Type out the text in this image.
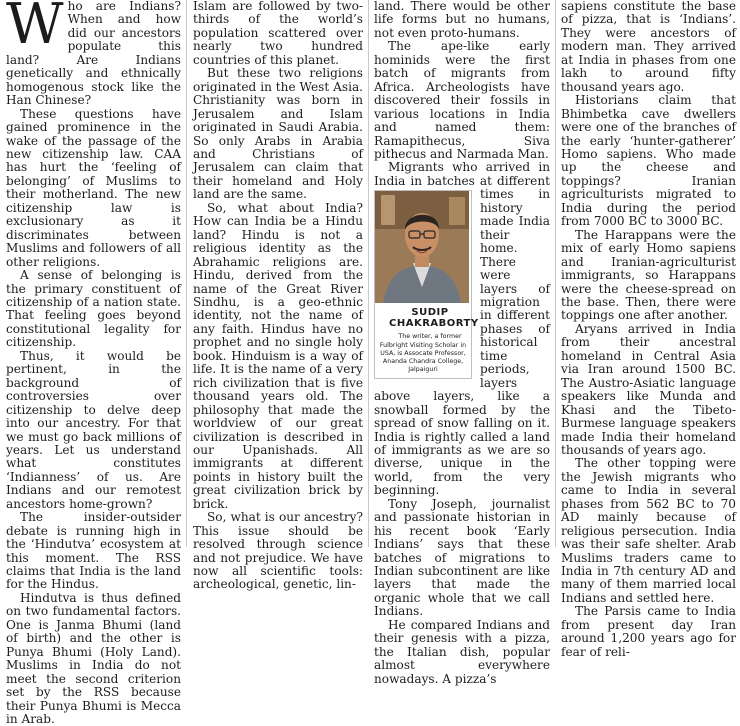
Who are Indians? When and how did our ancestors populate this land? Are Indians genetically and ethnically homogenous stock like the Han Chinese?

These questions have gained prominence in the wake of the passage of the new citizenship law. CAA has hurt the ‘feeling of belonging’ of Muslims to their motherland. The new citizenship law is exclusionary as it discriminates between Muslims and followers of all other religions.

A sense of belonging is the primary constituent of citizenship of a nation state. That feeling goes beyond constitutional legality for citizenship.

Thus, it would be pertinent, in the background of controversies over citizenship to delve deep into our ancestry. For that we must go back millions of years. Let us understand what constitutes ‘Indianness’ of us. Are Indians and our remotest ancestors home-grown?

The insider-outsider debate is running high in the ‘Hindutva’ ecosystem at this moment. The RSS claims that India is the land for the Hindus.

Hindutva is thus defined on two fundamental factors. One is Janma Bhumi (land of birth) and the other is Punya Bhumi (Holy Land). Muslims in India do not meet the second criterion set by the RSS because their Punya Bhumi is Mecca in Arab.

Islam are followed by two-thirds of the world’s population scattered over nearly two hundred countries of this planet.

But these two religions originated in the West Asia. Christianity was born in Jerusalem and Islam originated in Saudi Arabia. So only Arabs in Arabia and Christians of Jerusalem can claim that their homeland and Holy land are the same.

So, what about India? How can India be a Hindu land? Hindu is not a religious identity as the Abrahamic religions are. Hindu, derived from the name of the Great River Sindhu, is a geo-ethnic identity, not the name of any faith. Hindus have no prophet and no single holy book. Hinduism is a way of life. It is the name of a very rich civilization that is five thousand years old. The philosophy that made the worldview of our great civilization is described in our Upanishads. All immigrants at different points in history built the great civilization brick by brick.

So, what is our ancestry? This issue should be resolved through science and not prejudice. We have now all scientific tools: archeological, genetic, lin-

land. There would be other life forms but no humans, not even proto-humans.

The ape-like early hominids were the first batch of migrants from Africa. Archeologists have discovered their fossils in various locations in India and named them: Ramapithecus, Siva pithecus and Narmada Man.

Migrants who arrived in India in batches at different times
SUDIP
CHAKRABORTY
The writer, a former Fulbright Visiting Scholar in USA, is Assocate Professor, Ananda Chandra College, Jalpaiguri
in history made India their home. There were layers of migration in different phases of historical time periods, layers above layers, like a snowball formed by the spread of snow falling on it. India is rightly called a land of immigrants as we are so diverse, unique in the world, from the very beginning.

Tony Joseph, journalist and passionate historian in his recent book ‘Early Indians’ says that these batches of migrations to Indian subcontinent are like layers that made the organic whole that we call Indians.

He compared Indians and their genesis with a pizza, the Italian dish, popular almost everywhere nowadays. A pizza’s

sapiens constitute the base of pizza, that is ‘Indians’. They were ancestors of modern man. They arrived at India in phases from one lakh to around fifty thousand years ago.

Historians claim that Bhimbetka cave dwellers were one of the branches of the early ‘hunter-gatherer’ Homo sapiens. Who made up the cheese and toppings? Iranian agriculturists migrated to India during the period from 7000 BC to 3000 BC.

The Harappans were the mix of early Homo sapiens and Iranian-agriculturist immigrants, so Harappans were the cheese-spread on the base. Then, there were toppings one after another.

Aryans arrived in India from their ancestral homeland in Central Asia via Iran around 1500 BC. The Austro-Asiatic language speakers like Munda and Khasi and the Tibeto-Burmese language speakers made India their homeland thousands of years ago.

The other topping were the Jewish migrants who came to India in several phases from 562 BC to 70 AD mainly because of religious persecution. India was their safe shelter. Arab Muslims traders came to India in 7th century AD and many of them married local Indians and settled here.

The Parsis came to India from present day Iran around 1,200 years ago for fear of reli-
